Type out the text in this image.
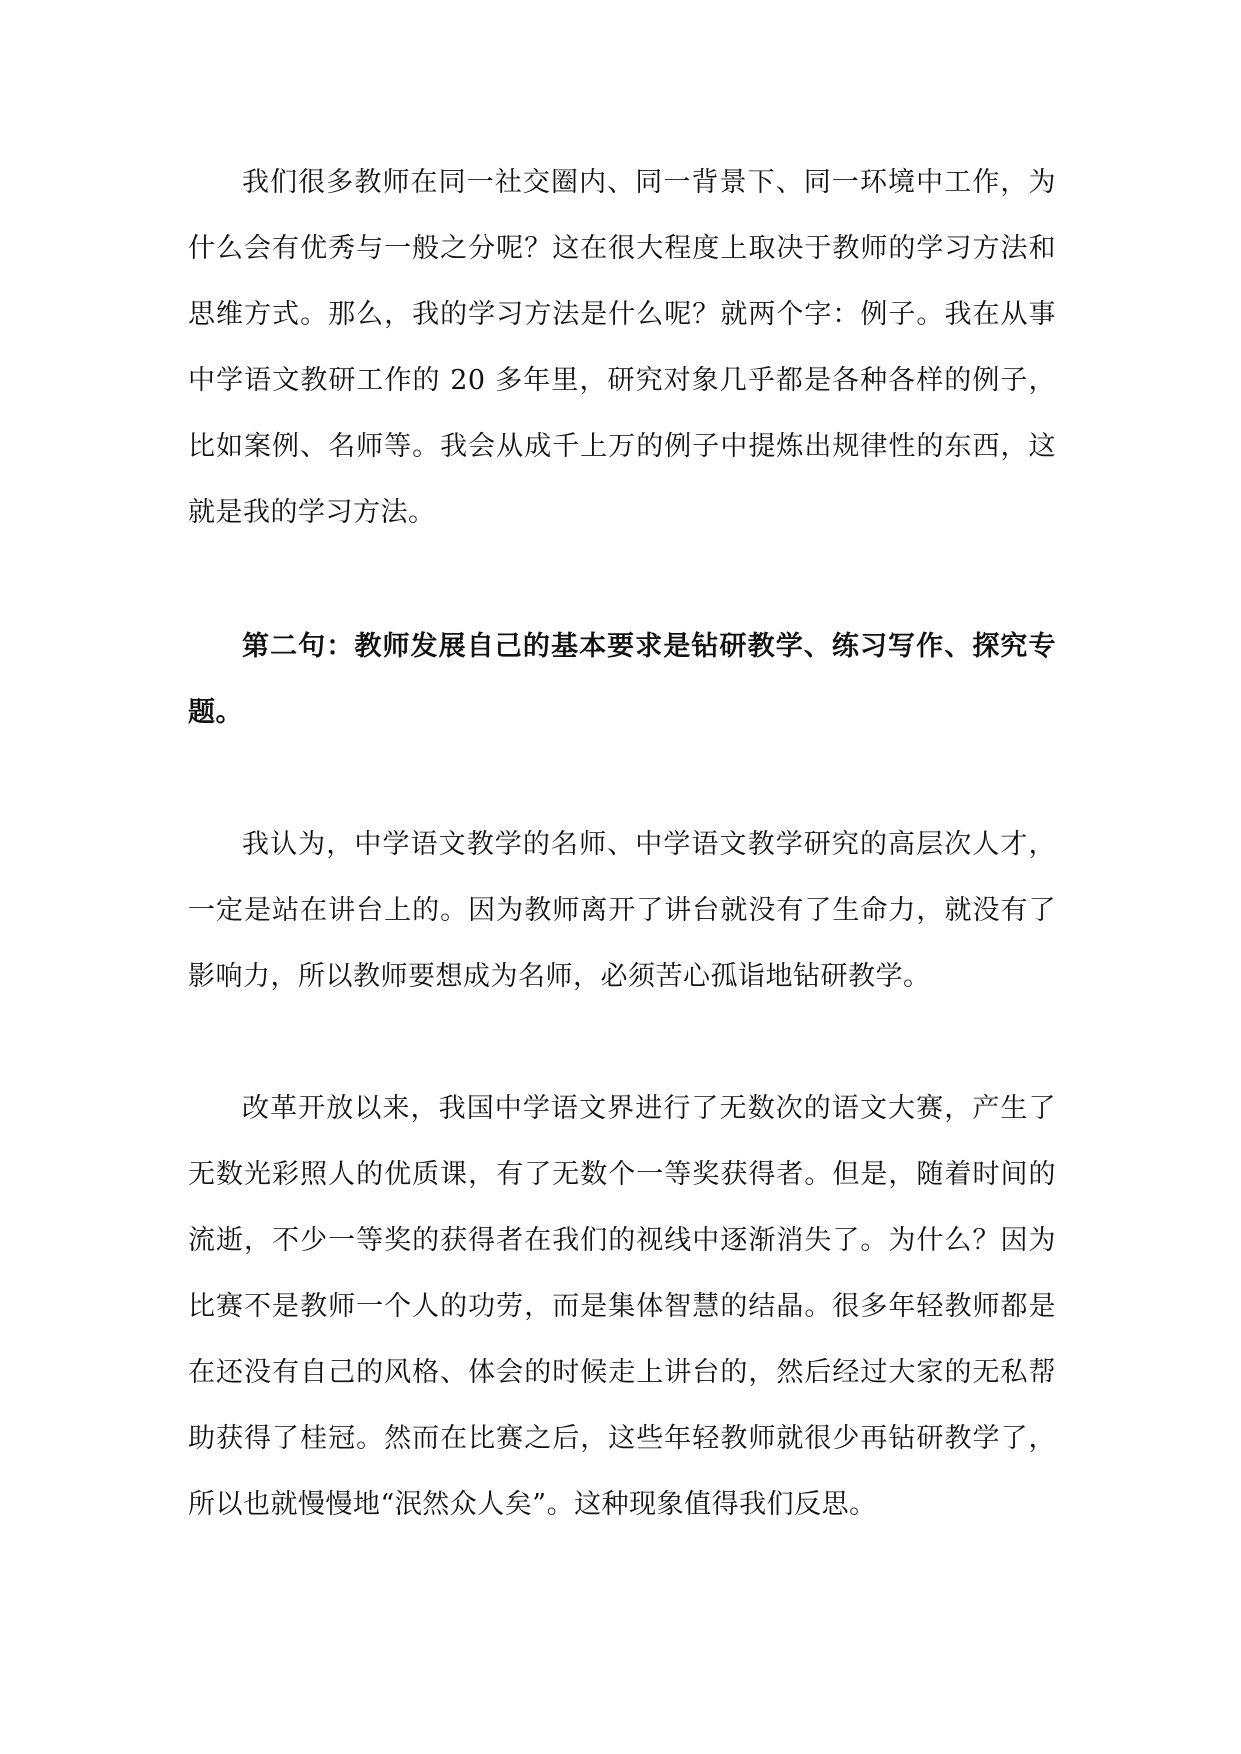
我们很多教师在同一社交圈内、同一背景下、同一环境中工作，为什么会有优秀与一般之分呢？这在很大程度上取决于教师的学习方法和思维方式。那么，我的学习方法是什么呢？就两个字：例子。我在从事中学语文教研工作的 20 多年里，研究对象几乎都是各种各样的例子，比如案例、名师等。我会从成千上万的例子中提炼出规律性的东西，这就是我的学习方法。

第二句：教师发展自己的基本要求是钻研教学、练习写作、探究专题。

我认为，中学语文教学的名师、中学语文教学研究的高层次人才，一定是站在讲台上的。因为教师离开了讲台就没有了生命力，就没有了影响力，所以教师要想成为名师，必须苦心孤诣地钻研教学。

改革开放以来，我国中学语文界进行了无数次的语文大赛，产生了无数光彩照人的优质课，有了无数个一等奖获得者。但是，随着时间的流逝，不少一等奖的获得者在我们的视线中逐渐消失了。为什么？因为比赛不是教师一个人的功劳，而是集体智慧的结晶。很多年轻教师都是在还没有自己的风格、体会的时候走上讲台的，然后经过大家的无私帮助获得了桂冠。然而在比赛之后，这些年轻教师就很少再钻研教学了，所以也就慢慢地“泯然众人矣”。这种现象值得我们反思。
